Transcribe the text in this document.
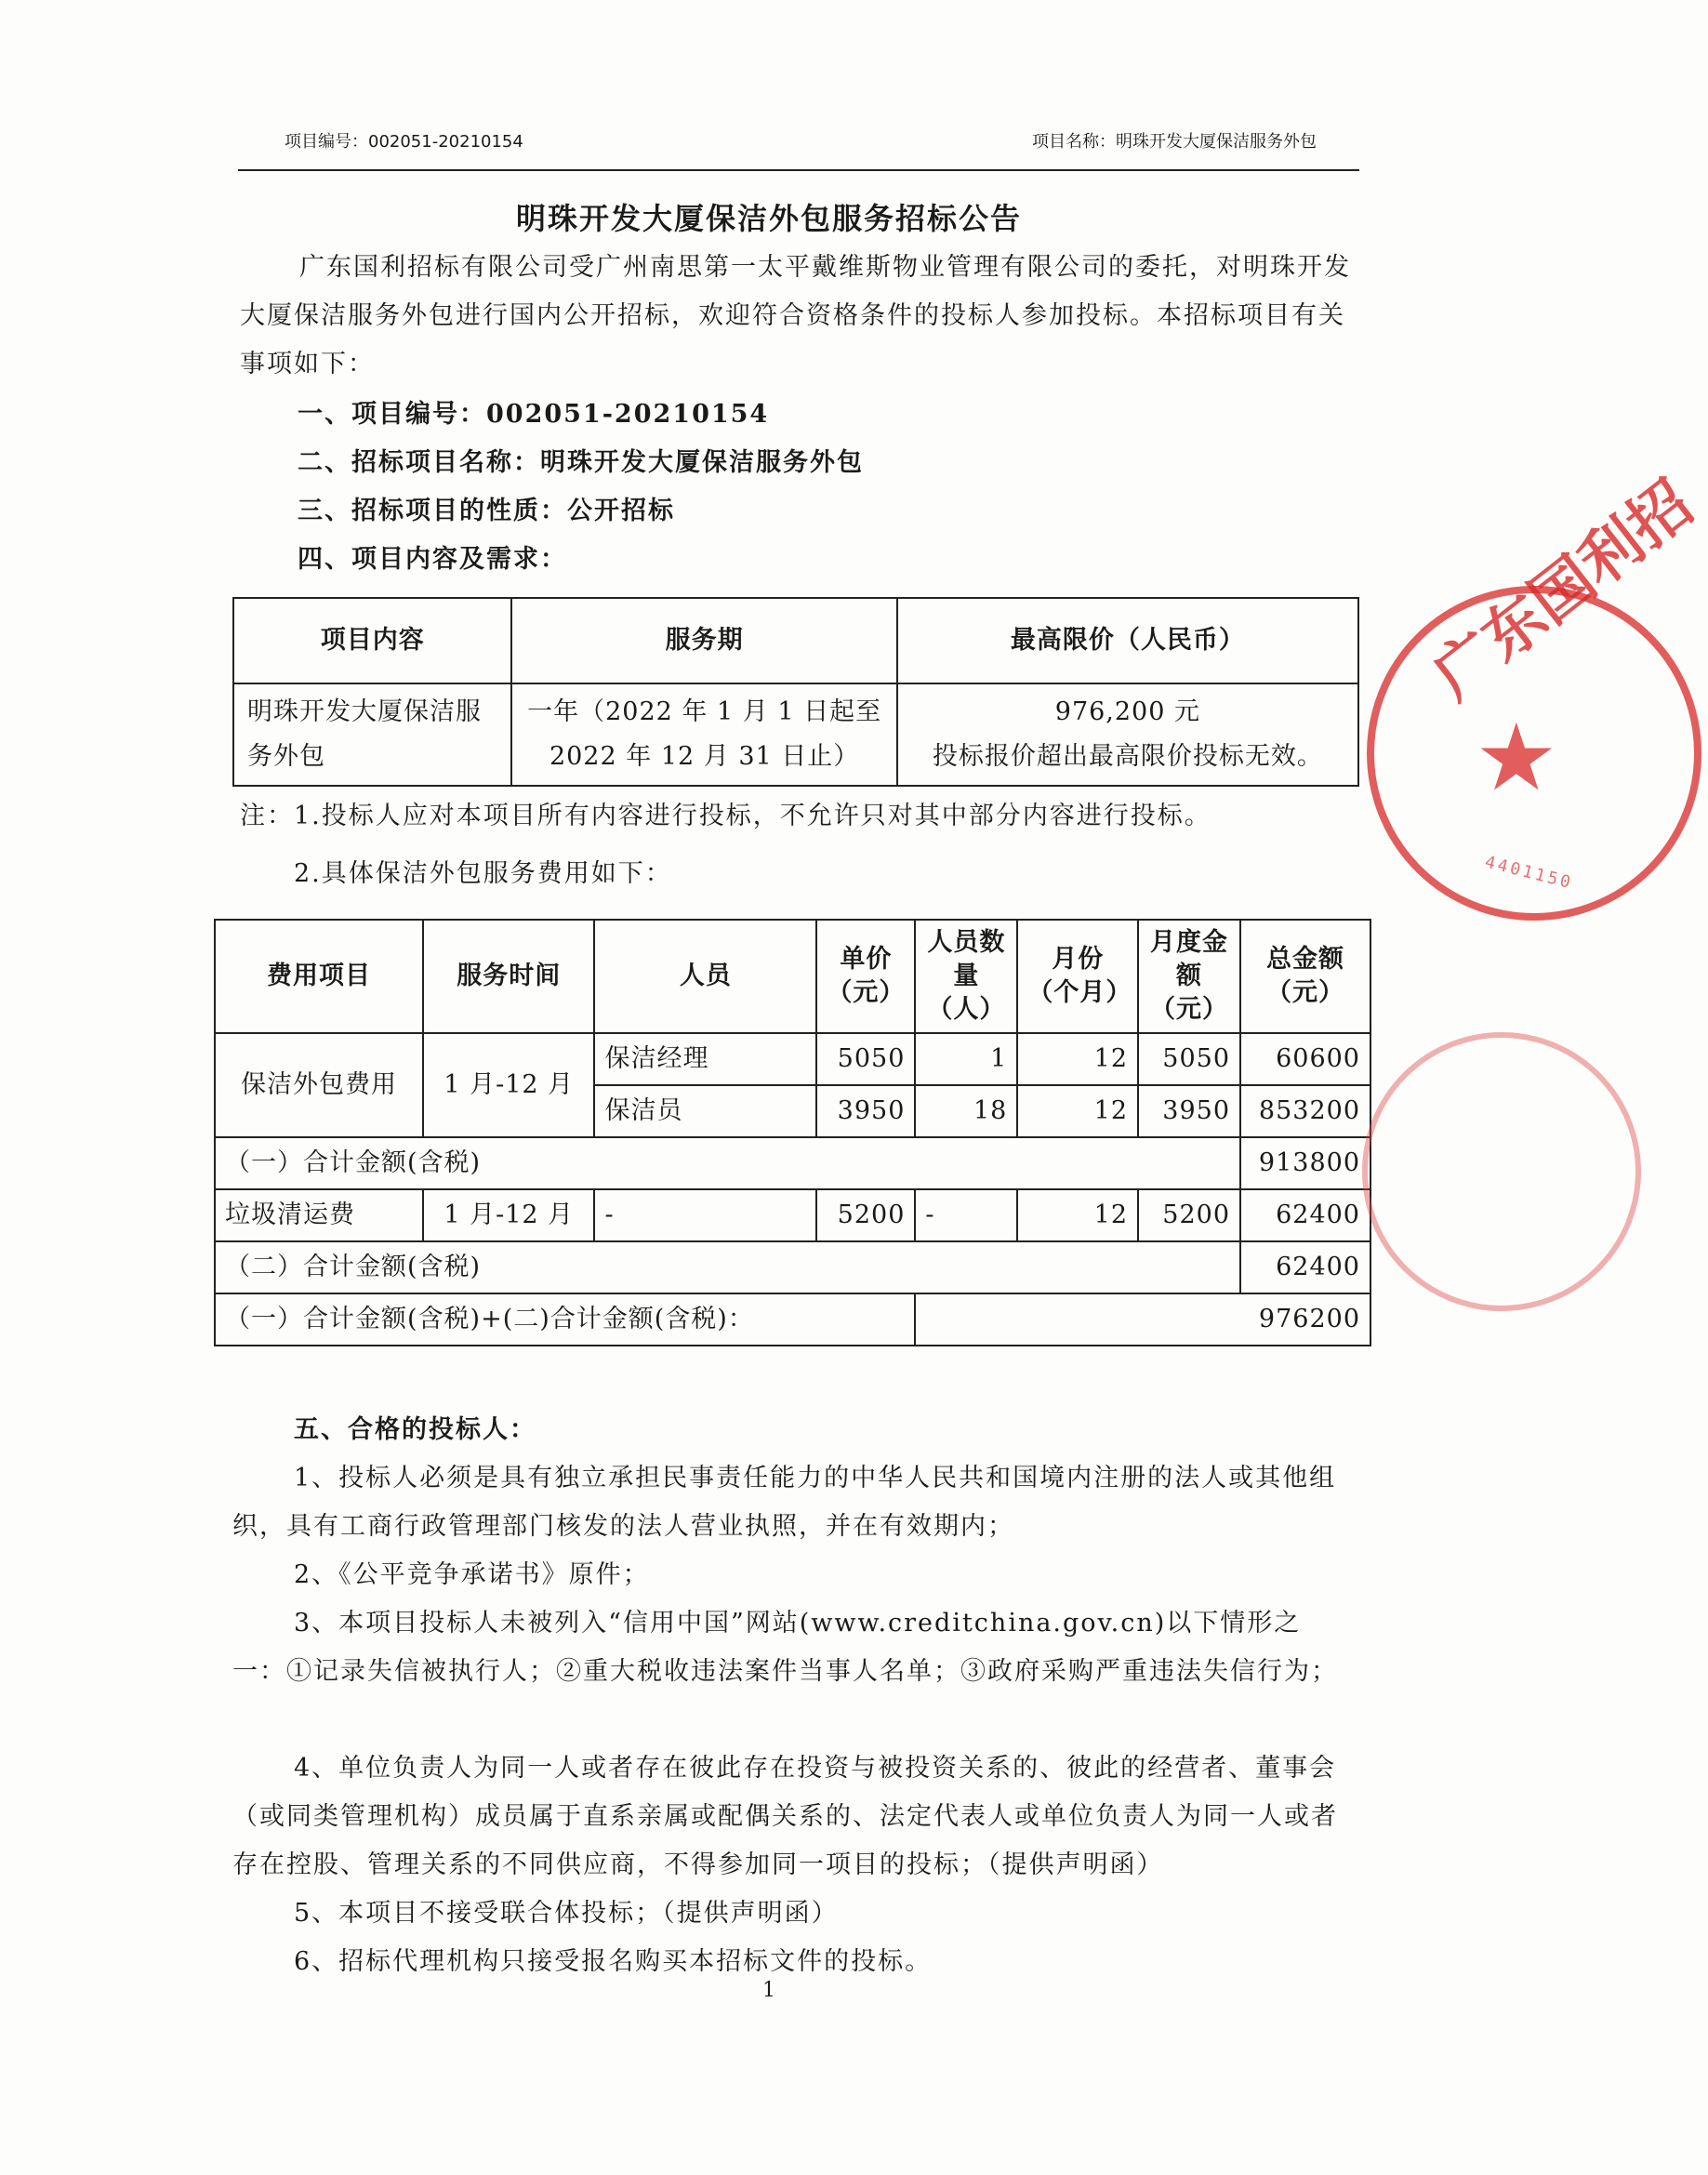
项目编号：002051-20210154	项目名称：明珠开发大厦保洁服务外包
明珠开发大厦保洁外包服务招标公告
广东国利招标有限公司受广州南思第一太平戴维斯物业管理有限公司的委托，对明珠开发大厦保洁服务外包进行国内公开招标，欢迎符合资格条件的投标人参加投标。本招标项目有关事项如下：
一、项目编号：002051-20210154
二、招标项目名称：明珠开发大厦保洁服务外包
三、招标项目的性质：公开招标
四、项目内容及需求：
项目内容	服务期	最高限价（人民币）
明珠开发大厦保洁服务外包	一年（2022 年 1 月 1 日起至 2022 年 12 月 31 日止）	976,200 元
投标报价超出最高限价投标无效。
注：1.投标人应对本项目所有内容进行投标，不允许只对其中部分内容进行投标。
2.具体保洁外包服务费用如下：
费用项目	服务时间	人员	单价（元）	人员数量（人）	月份（个月）	月度金额（元）	总金额（元）
保洁外包费用	1 月-12 月	保洁经理	5050	1	12	5050	60600
		保洁员	3950	18	12	3950	853200
（一）合计金额(含税)							913800
垃圾清运费	1 月-12 月	-	5200	-	12	5200	62400
（二）合计金额(含税)							62400
（一）合计金额(含税)+(二)合计金额(含税)：				976200			
五、合格的投标人：
1、投标人必须是具有独立承担民事责任能力的中华人民共和国境内注册的法人或其他组织，具有工商行政管理部门核发的法人营业执照，并在有效期内；
2、《公平竞争承诺书》原件；
3、本项目投标人未被列入“信用中国”网站(www.creditchina.gov.cn)以下情形之一：①记录失信被执行人；②重大税收违法案件当事人名单；③政府采购严重违法失信行为；
4、单位负责人为同一人或者存在彼此存在投资与被投资关系的、彼此的经营者、董事会（或同类管理机构）成员属于直系亲属或配偶关系的、法定代表人或单位负责人为同一人或者存在控股、管理关系的不同供应商，不得参加同一项目的投标；（提供声明函）
5、本项目不接受联合体投标；（提供声明函）
6、招标代理机构只接受报名购买本招标文件的投标。
1
广东国利招
★
4401150
